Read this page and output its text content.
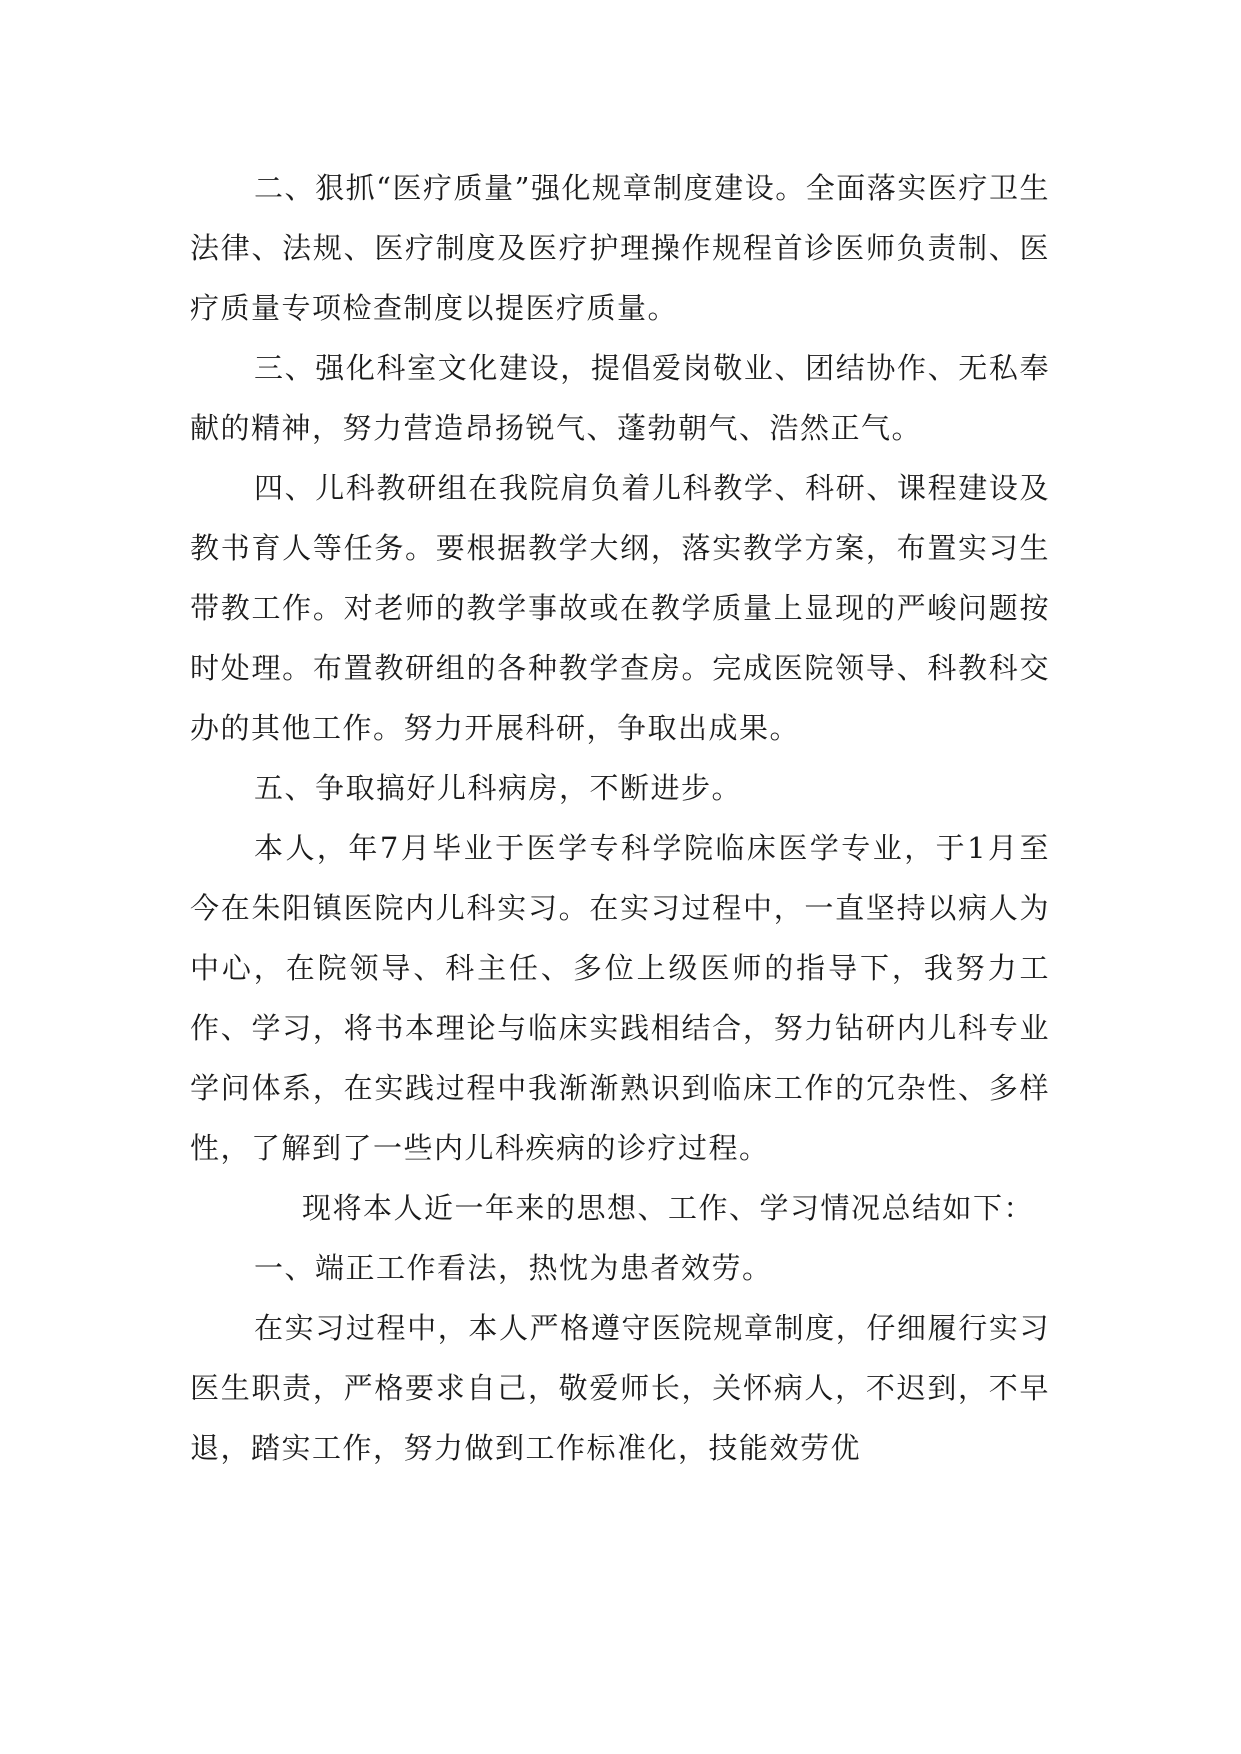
二、狠抓“医疗质量”强化规章制度建设。全面落实医疗卫生法律、法规、医疗制度及医疗护理操作规程首诊医师负责制、医疗质量专项检查制度以提医疗质量。

三、强化科室文化建设，提倡爱岗敬业、团结协作、无私奉献的精神，努力营造昂扬锐气、蓬勃朝气、浩然正气。

四、儿科教研组在我院肩负着儿科教学、科研、课程建设及教书育人等任务。要根据教学大纲，落实教学方案，布置实习生带教工作。对老师的教学事故或在教学质量上显现的严峻问题按时处理。布置教研组的各种教学查房。完成医院领导、科教科交办的其他工作。努力开展科研，争取出成果。

五、争取搞好儿科病房，不断进步。

本人，年7月毕业于医学专科学院临床医学专业，于1月至今在朱阳镇医院内儿科实习。在实习过程中，一直坚持以病人为中心，在院领导、科主任、多位上级医师的指导下，我努力工作、学习，将书本理论与临床实践相结合，努力钻研内儿科专业学问体系，在实践过程中我渐渐熟识到临床工作的冗杂性、多样性，了解到了一些内儿科疾病的诊疗过程。

现将本人近一年来的思想、工作、学习情况总结如下：

一、端正工作看法，热忱为患者效劳。

在实习过程中，本人严格遵守医院规章制度，仔细履行实习医生职责，严格要求自己，敬爱师长，关怀病人，不迟到，不早退，踏实工作，努力做到工作标准化，技能效劳优
